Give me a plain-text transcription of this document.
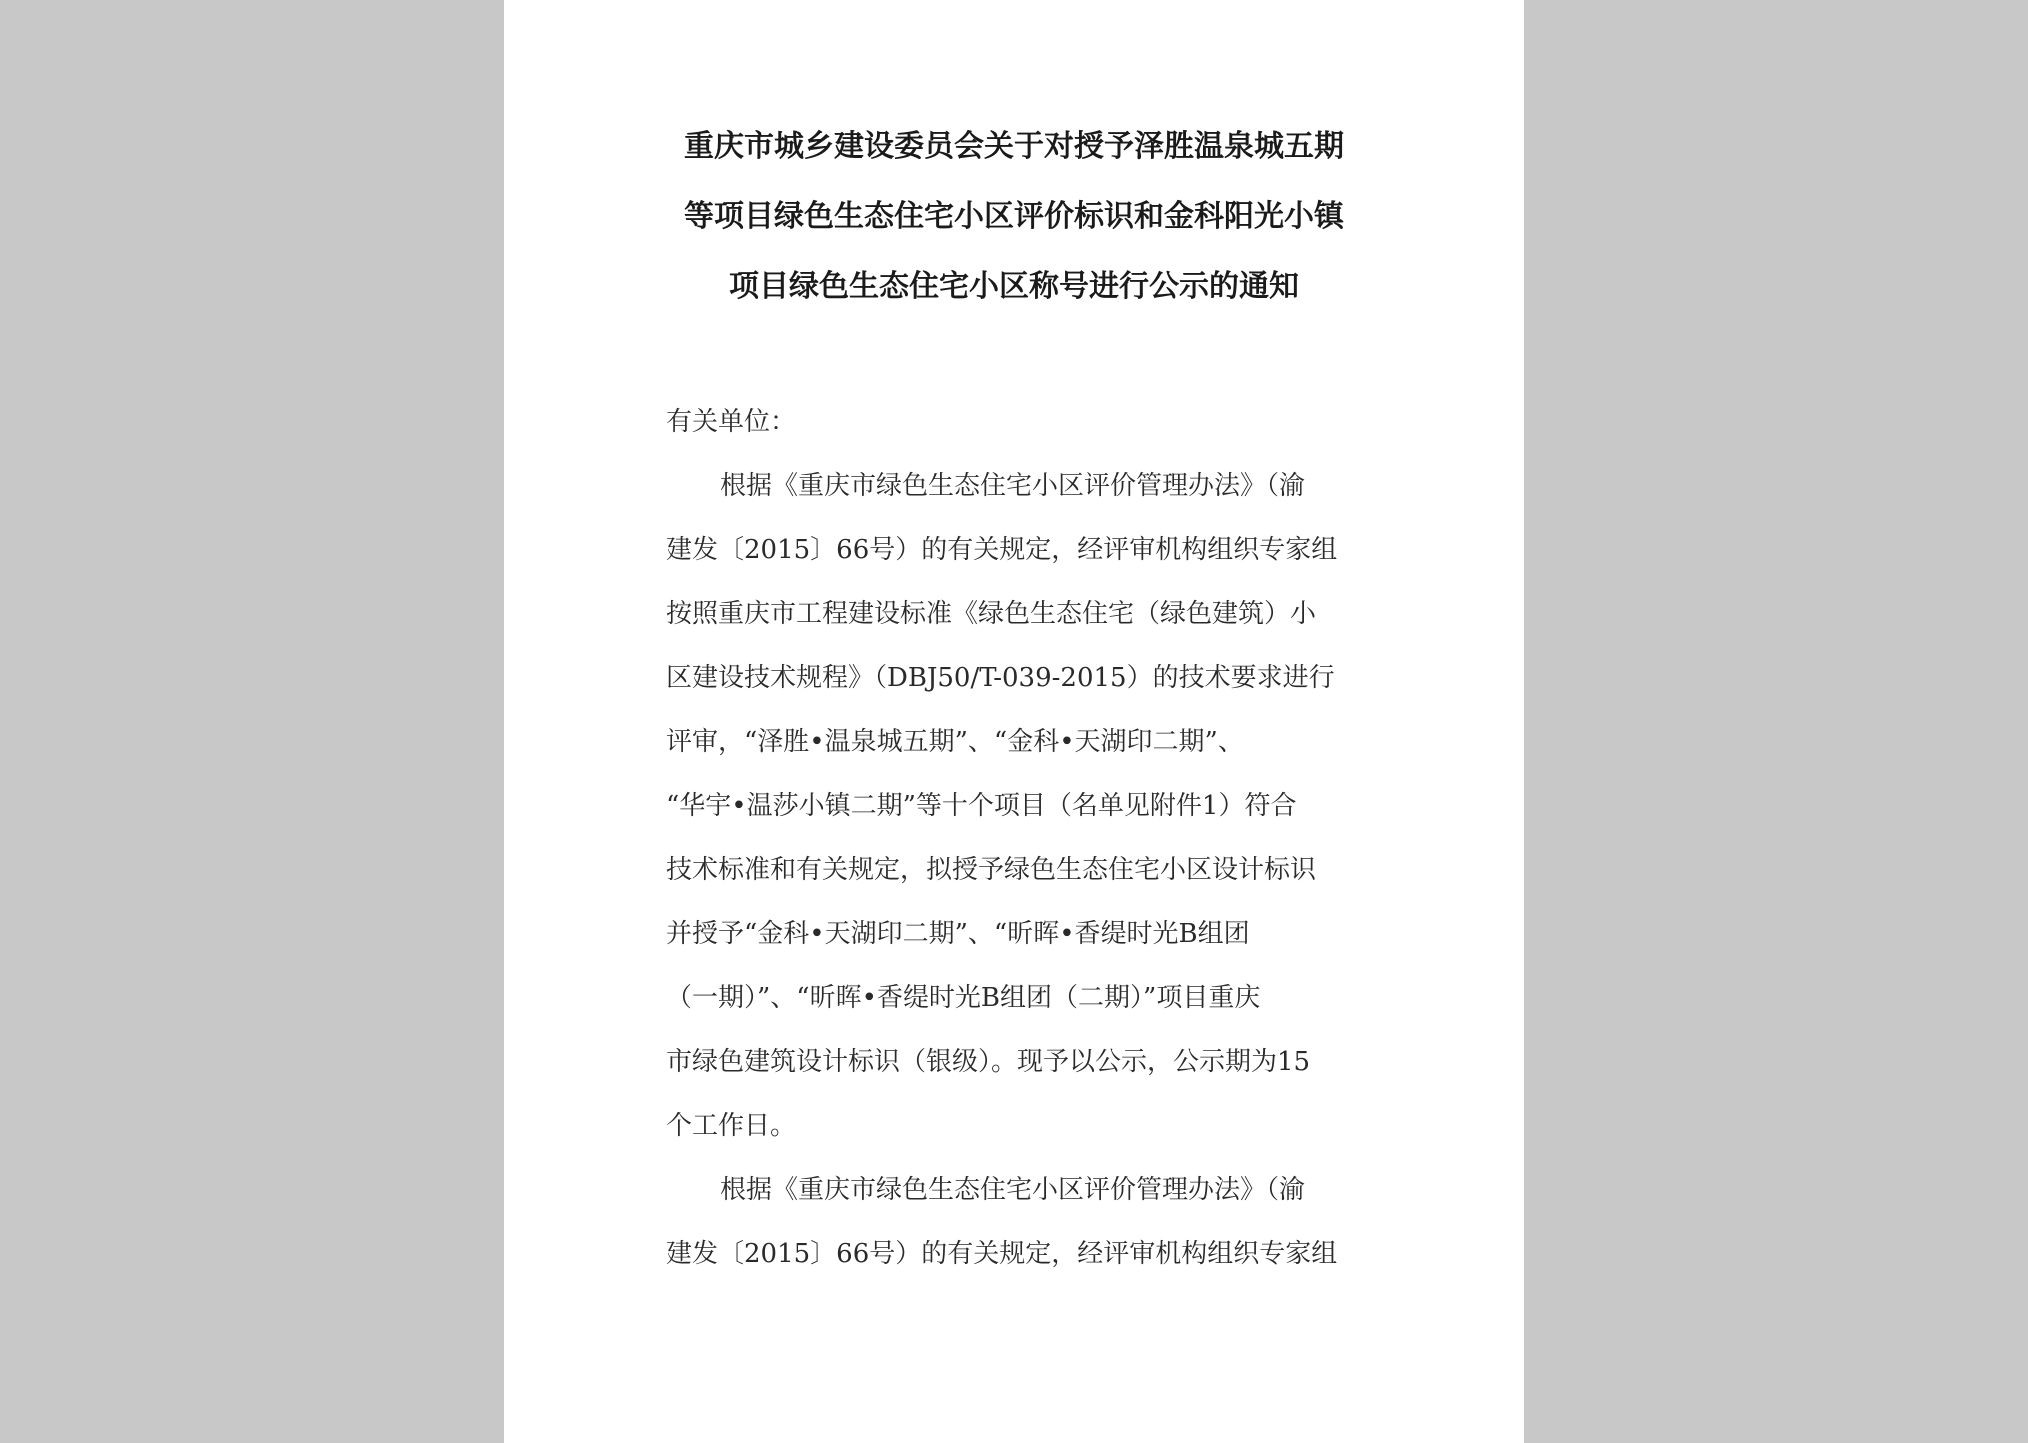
重庆市城乡建设委员会关于对授予泽胜温泉城五期
等项目绿色生态住宅小区评价标识和金科阳光小镇
项目绿色生态住宅小区称号进行公示的通知
有关单位：
根据《重庆市绿色生态住宅小区评价管理办法》（渝
建发〔2015〕66号）的有关规定，经评审机构组织专家组
按照重庆市工程建设标准《绿色生态住宅（绿色建筑）小
区建设技术规程》（DBJ50/T-039-2015）的技术要求进行
评审，“泽胜•温泉城五期”、“金科•天湖印二期”、
“华宇•温莎小镇二期”等十个项目（名单见附件1）符合
技术标准和有关规定，拟授予绿色生态住宅小区设计标识
并授予“金科•天湖印二期”、“昕晖•香缇时光B组团
（一期）”、“昕晖•香缇时光B组团（二期）”项目重庆
市绿色建筑设计标识（银级）。现予以公示，公示期为15
个工作日。
根据《重庆市绿色生态住宅小区评价管理办法》（渝
建发〔2015〕66号）的有关规定，经评审机构组织专家组
